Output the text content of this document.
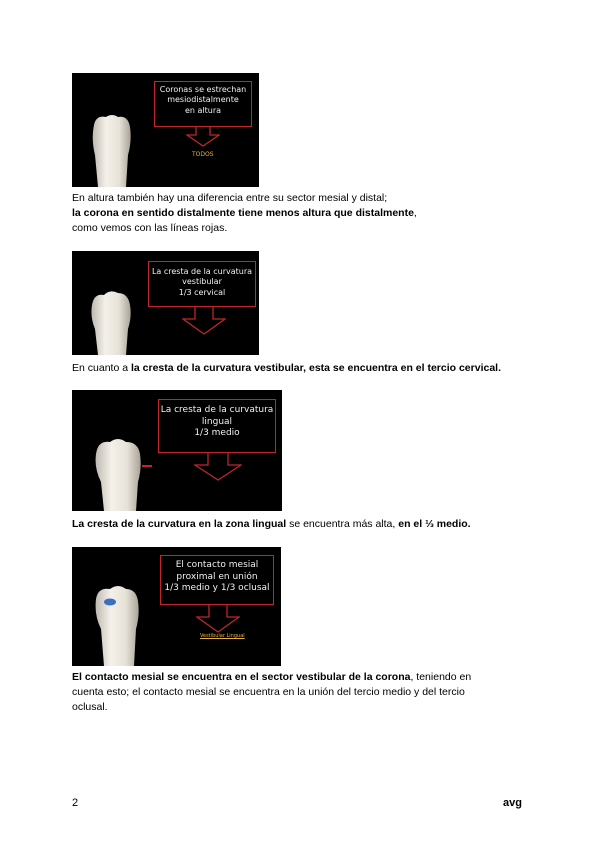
Coronas se estrechan
mesiodistalmente
en altura
TODOS
En altura también hay una diferencia entre su sector mesial y distal;
la corona en sentido distalmente tiene menos altura que distalmente,
como vemos con las líneas rojas.
La cresta de la curvatura
vestibular
1/3 cervical
En cuanto a la cresta de la curvatura vestibular, esta se encuentra en el tercio cervical.
La cresta de la curvatura
lingual
1/3 medio
La cresta de la curvatura en la zona lingual se encuentra más alta, en el ⅓ medio.
El contacto mesial
proximal en unión
1/3 medio y 1/3 oclusal
Vestibular Lingual
El contacto mesial se encuentra en el sector vestibular de la corona, teniendo en
cuenta esto; el contacto mesial se encuentra en la unión del tercio medio y del tercio
oclusal.
2	avg
